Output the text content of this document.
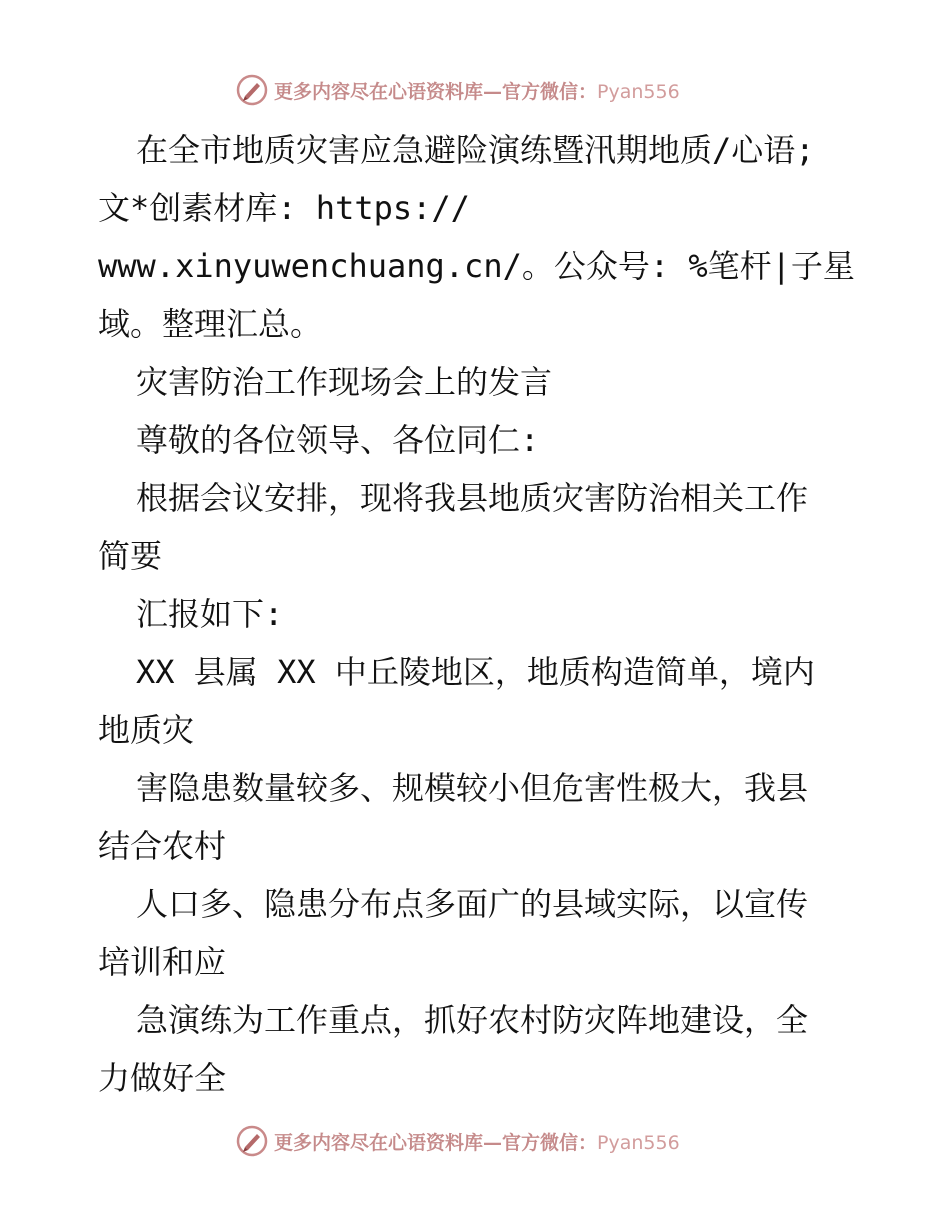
更多内容尽在心语资料库—官方微信：Pyan556

在全市地质灾害应急避险演练暨汛期地质/心语;

文*创素材库: https://

www.xinyuwenchuang.cn/。公众号: %笔杆|子星

域。整理汇总。

灾害防治工作现场会上的发言

尊敬的各位领导、各位同仁:

根据会议安排，现将我县地质灾害防治相关工作

简要

汇报如下:

XX 县属 XX 中丘陵地区，地质构造简单，境内

地质灾

害隐患数量较多、规模较小但危害性极大，我县

结合农村

人口多、隐患分布点多面广的县域实际，以宣传

培训和应

急演练为工作重点，抓好农村防灾阵地建设，全

力做好全

更多内容尽在心语资料库—官方微信：Pyan556
